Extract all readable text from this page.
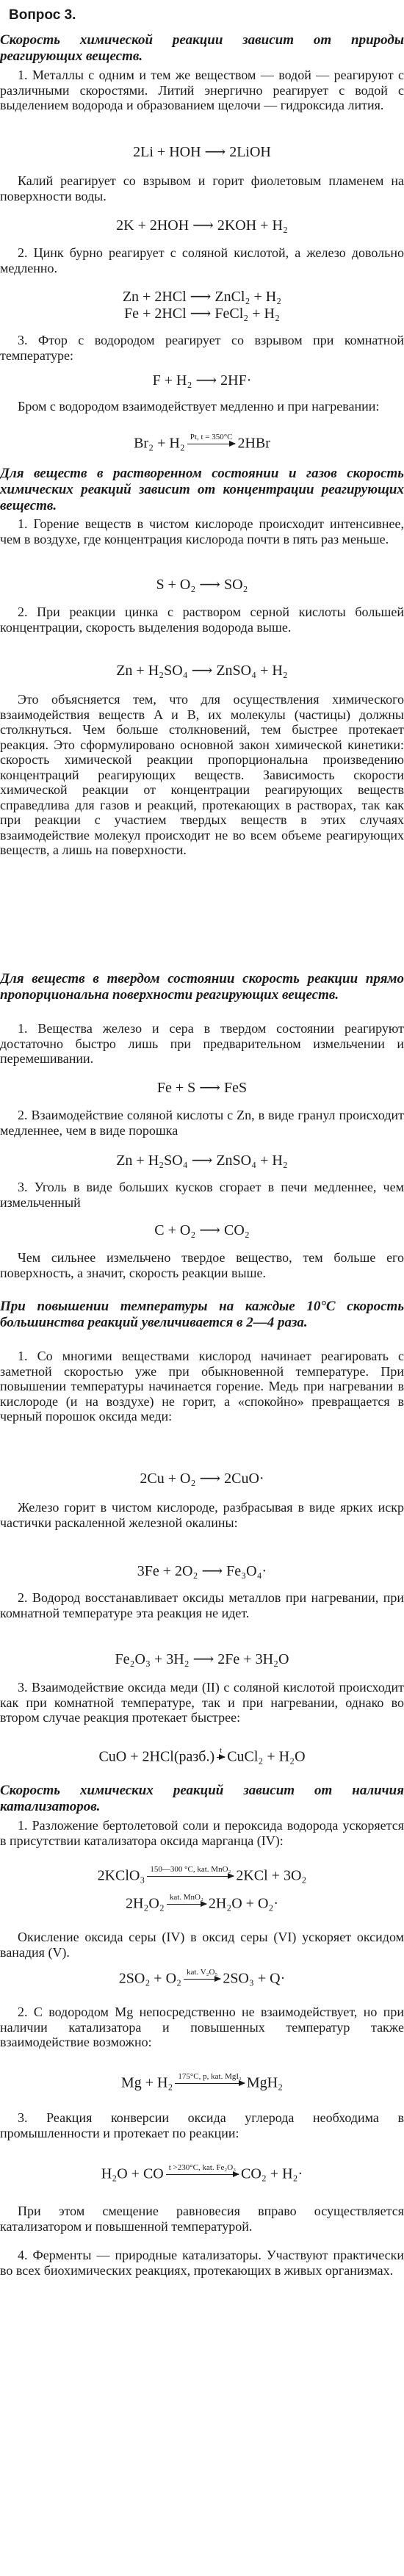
Вопрос 3.
Скорость химической реакции зависит от природы реагирующих веществ.
1. Металлы с одним и тем же веществом — водой — реагируют с различными скоростями. Литий энергично реагирует с водой с выделением водорода и образованием щелочи — гидроксида лития.
2Li + HOH ⟶ 2LiOH
Калий реагирует со взрывом и горит фиолетовым пламенем на поверхности воды.
2K + 2HOH ⟶ 2KOH + H₂
2. Цинк бурно реагирует с соляной кислотой, а железо довольно медленно.
Zn + 2HCl ⟶ ZnCl₂ + H₂
Fe + 2HCl ⟶ FeCl₂ + H₂
3. Фтор с водородом реагирует со взрывом при комнатной температуре:
F + H₂ ⟶ 2HF·
Бром с водородом взаимодействует медленно и при нагревании:
Br₂ + H₂ Pt, t = 350°C 2HBr
Для веществ в растворенном состоянии и газов скорость химических реакций зависит от концентрации реагирующих веществ.
1. Горение веществ в чистом кислороде происходит интенсивнее, чем в воздухе, где концентрация кислорода почти в пять раз меньше.
S + O₂ ⟶ SO₂
2. При реакции цинка с раствором серной кислоты большей концентрации, скорость выделения водорода выше.
Zn + H₂SO₄ ⟶ ZnSO₄ + H₂
Это объясняется тем, что для осуществления химического взаимодействия веществ A и B, их молекулы (частицы) должны столкнуться. Чем больше столкновений, тем быстрее протекает реакция. Это сформулировано основной закон химической кинетики: скорость химической реакции пропорциональна произведению концентраций реагирующих веществ. Зависимость скорости химической реакции от концентрации реагирующих веществ справедлива для газов и реакций, протекающих в растворах, так как при реакции с участием твердых веществ в этих случаях взаимодействие молекул происходит не во всем объеме реагирующих веществ, а лишь на поверхности.
Для веществ в твердом состоянии скорость реакции прямо пропорциональна поверхности реагирующих веществ.
1. Вещества железо и сера в твердом состоянии реагируют достаточно быстро лишь при предварительном измельчении и перемешивании.
Fe + S ⟶ FeS
2. Взаимодействие соляной кислоты с Zn, в виде гранул происходит медленнее, чем в виде порошка
Zn + H₂SO₄ ⟶ ZnSO₄ + H₂
3. Уголь в виде больших кусков сгорает в печи медленнее, чем измельченный
C + O₂ ⟶ CO₂
Чем сильнее измельчено твердое вещество, тем больше его поверхность, а значит, скорость реакции выше.
При повышении температуры на каждые 10°С скорость большинства реакций увеличивается в 2—4 раза.
1. Со многими веществами кислород начинает реагировать с заметной скоростью уже при обыкновенной температуре. При повышении температуры начинается горение. Медь при нагревании в кислороде (и на воздухе) не горит, а «спокойно» превращается в черный порошок оксида меди:
2Cu + O₂ ⟶ 2CuO·
Железо горит в чистом кислороде, разбрасывая в виде ярких искр частички раскаленной железной окалины:
3Fe + 2O₂ ⟶ Fe₃O₄·
2. Водород восстанавливает оксиды металлов при нагревании, при комнатной температуре эта реакция не идет.
Fe₂O₃ + 3H₂ ⟶ 2Fe + 3H₂O
3. Взаимодействие оксида меди (II) с соляной кислотой происходит как при комнатной температуре, так и при нагревании, однако во втором случае реакция протекает быстрее:
CuO + 2HCl(разб.) t CuCl₂ + H₂O
Скорость химических реакций зависит от наличия катализаторов.
1. Разложение бертолетовой соли и пероксида водорода ускоряется в присутствии катализатора оксида марганца (IV):
2KClO₃ 150—300 °C, kat. MnO₂ 2KCl + 3O₂
2H₂O₂ kat. MnO₂ 2H₂O + O₂·
Окисление оксида серы (IV) в оксид серы (VI) ускоряет оксидом ванадия (V).
2SO₂ + O₂ kat. V₂O₅ 2SO₃ + Q·
2. С водородом Mg непосредственно не взаимодействует, но при наличии катализатора и повышенных температур также взаимодействие возможно:
Mg + H₂ 175°C, p, kat. MgI₂ MgH₂
3. Реакция конверсии оксида углерода необходима в промышленности и протекает по реакции:
H₂O + CO t >230°C, kat. Fe₂O₃ CO₂ + H₂·
При этом смещение равновесия вправо осуществляется катализатором и повышенной температурой.
4. Ферменты — природные катализаторы. Участвуют практически во всех биохимических реакциях, протекающих в живых организмах.
